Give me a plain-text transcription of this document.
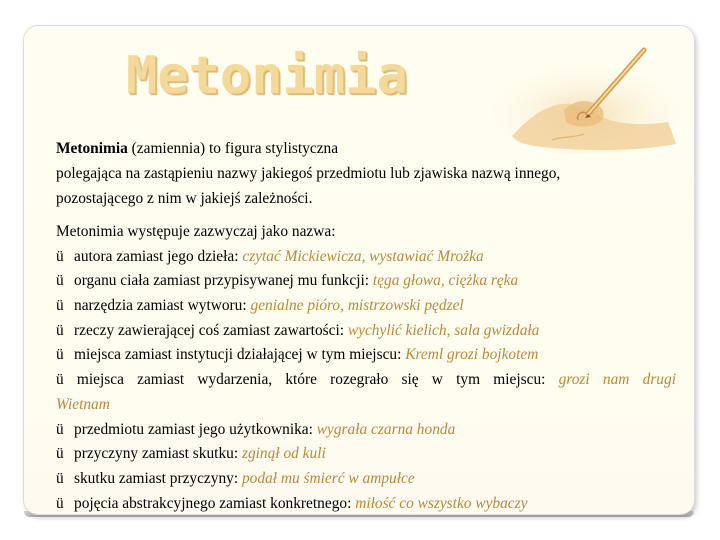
Metonimia
Metonimia (zamiennia) to figura stylistyczna
polegająca na zastąpieniu nazwy jakiegoś przedmiotu lub zjawiska nazwą innego,
pozostającego z nim w jakiejś zależności.
Metonimia występuje zazwyczaj jako nazwa:
ü autora zamiast jego dzieła: czytać Mickiewicza, wystawiać Mrożka
ü organu ciała zamiast przypisywanej mu funkcji: tęga głowa, ciężka ręka
ü narzędzia zamiast wytworu: genialne pióro, mistrzowski pędzel
ü rzeczy zawierającej coś zamiast zawartości: wychylić kielich, sala gwizdała
ü miejsca zamiast instytucji działającej w tym miejscu: Kreml grozi bojkotem
ü miejsca zamiast wydarzenia, które rozegrało się w tym miejscu: grozi nam drugi
Wietnam
ü przedmiotu zamiast jego użytkownika: wygrała czarna honda
ü przyczyny zamiast skutku: zginął od kuli
ü skutku zamiast przyczyny: podał mu śmierć w ampułce
ü pojęcia abstrakcyjnego zamiast konkretnego: miłość co wszystko wybaczy
